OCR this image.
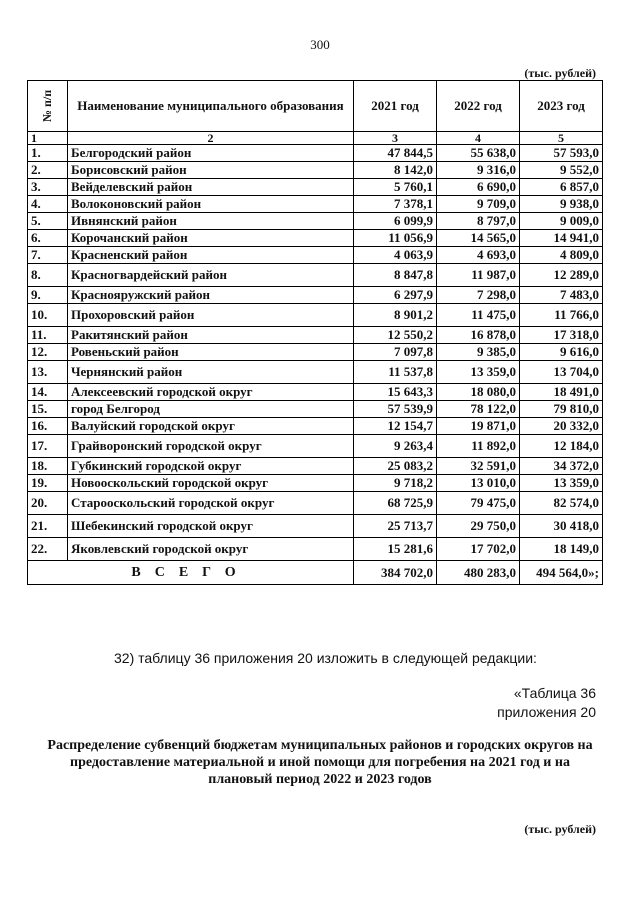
300
(тыс. рублей)
№ п/п	Наименование муниципального образования	2021 год	2022 год	2023 год
1	2	3	4	5
1.	Белгородский район	47 844,5	55 638,0	57 593,0
2.	Борисовский район	8 142,0	9 316,0	9 552,0
3.	Вейделевский район	5 760,1	6 690,0	6 857,0
4.	Волоконовский район	7 378,1	9 709,0	9 938,0
5.	Ивнянский район	6 099,9	8 797,0	9 009,0
6.	Корочанский район	11 056,9	14 565,0	14 941,0
7.	Красненский район	4 063,9	4 693,0	4 809,0
8.	Красногвардейский район	8 847,8	11 987,0	12 289,0
9.	Краснояружский район	6 297,9	7 298,0	7 483,0
10.	Прохоровский район	8 901,2	11 475,0	11 766,0
11.	Ракитянский район	12 550,2	16 878,0	17 318,0
12.	Ровеньский район	7 097,8	9 385,0	9 616,0
13.	Чернянский район	11 537,8	13 359,0	13 704,0
14.	Алексеевский городской округ	15 643,3	18 080,0	18 491,0
15.	город Белгород	57 539,9	78 122,0	79 810,0
16.	Валуйский городской округ	12 154,7	19 871,0	20 332,0
17.	Грайворонский городской округ	9 263,4	11 892,0	12 184,0
18.	Губкинский городской округ	25 083,2	32 591,0	34 372,0
19.	Новооскольский городской округ	9 718,2	13 010,0	13 359,0
20.	Старооскольский городской округ	68 725,9	79 475,0	82 574,0
21.	Шебекинский городской округ	25 713,7	29 750,0	30 418,0
22.	Яковлевский городской округ	15 281,6	17 702,0	18 149,0
ВСЕГО		384 702,0	480 283,0	494 564,0»;
32) таблицу 36 приложения 20 изложить в следующей редакции:
«Таблица 36
приложения 20
Распределение субвенций бюджетам муниципальных районов и городских округов на предоставление материальной и иной помощи для погребения на 2021 год и на плановый период 2022 и 2023 годов
(тыс. рублей)
